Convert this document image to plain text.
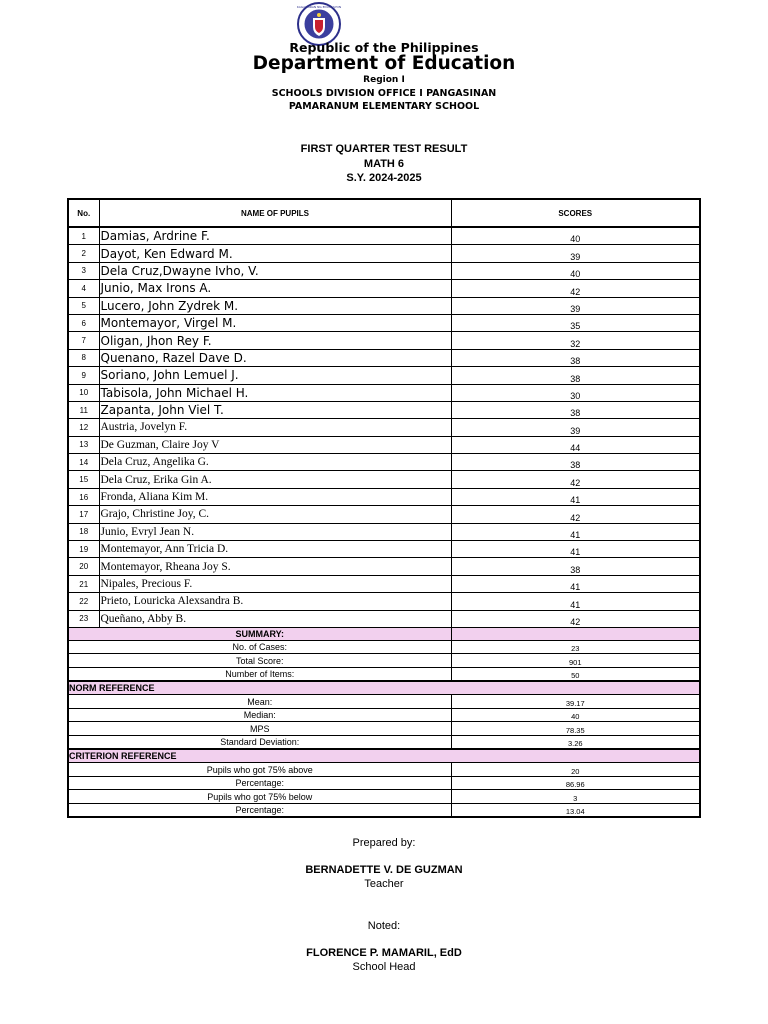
KAGAWARAN NG EDUKASYON
Republic of the Philippines
Department of Education
Region I
SCHOOLS DIVISION OFFICE I PANGASINAN
PAMARANUM ELEMENTARY SCHOOL
FIRST QUARTER TEST RESULT
MATH 6
S.Y. 2024-2025
No.	NAME OF PUPILS	SCORES
1	Damias, Ardrine F.	40
2	Dayot, Ken Edward M.	39
3	Dela Cruz,Dwayne Ivho, V.	40
4	Junio, Max Irons A.	42
5	Lucero, John Zydrek M.	39
6	Montemayor, Virgel M.	35
7	Oligan, Jhon Rey F.	32
8	Quenano, Razel Dave D.	38
9	Soriano, John Lemuel J.	38
10	Tabisola, John Michael H.	30
11	Zapanta, John Viel T.	38
12	Austria, Jovelyn F.	39
13	De Guzman, Claire Joy V	44
14	Dela Cruz, Angelika G.	38
15	Dela Cruz, Erika Gin A.	42
16	Fronda, Aliana Kim M.	41
17	Grajo, Christine Joy, C.	42
18	Junio, Evryl Jean N.	41
19	Montemayor, Ann Tricia D.	41
20	Montemayor, Rheana Joy S.	38
21	Nipales, Precious F.	41
22	Prieto, Louricka Alexsandra B.	41
23	Queñano, Abby B.	42
SUMMARY:		
No. of Cases:		23
Total Score:		901
Number of Items:		50
NORM REFERENCE		
Mean:		39.17
Median:		40
MPS		78.35
Standard Deviation:		3.26
CRITERION REFERENCE		
Pupils who got 75% above		20
Percentage:		86.96
Pupils who got 75% below		3
Percentage:		13.04
Prepared by:
BERNADETTE V. DE GUZMAN
Teacher
Noted:
FLORENCE P. MAMARIL, EdD
School Head
